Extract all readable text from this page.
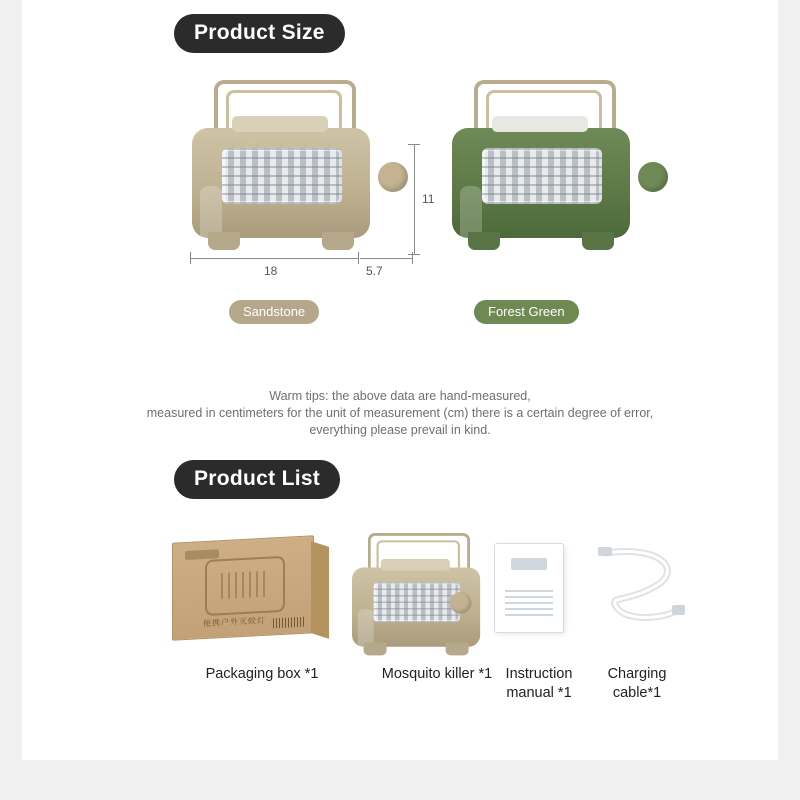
Product Size
11
18	5.7
Sandstone	Forest Green
Warm tips: the above data are hand-measured,
measured in centimeters for the unit of measurement (cm) there is a certain degree of error,
everything please prevail in kind.
Product List
便携户外灭蚊灯
Packaging box *1	Mosquito killer *1 Instruction
manual *1
Charging
cable*1
